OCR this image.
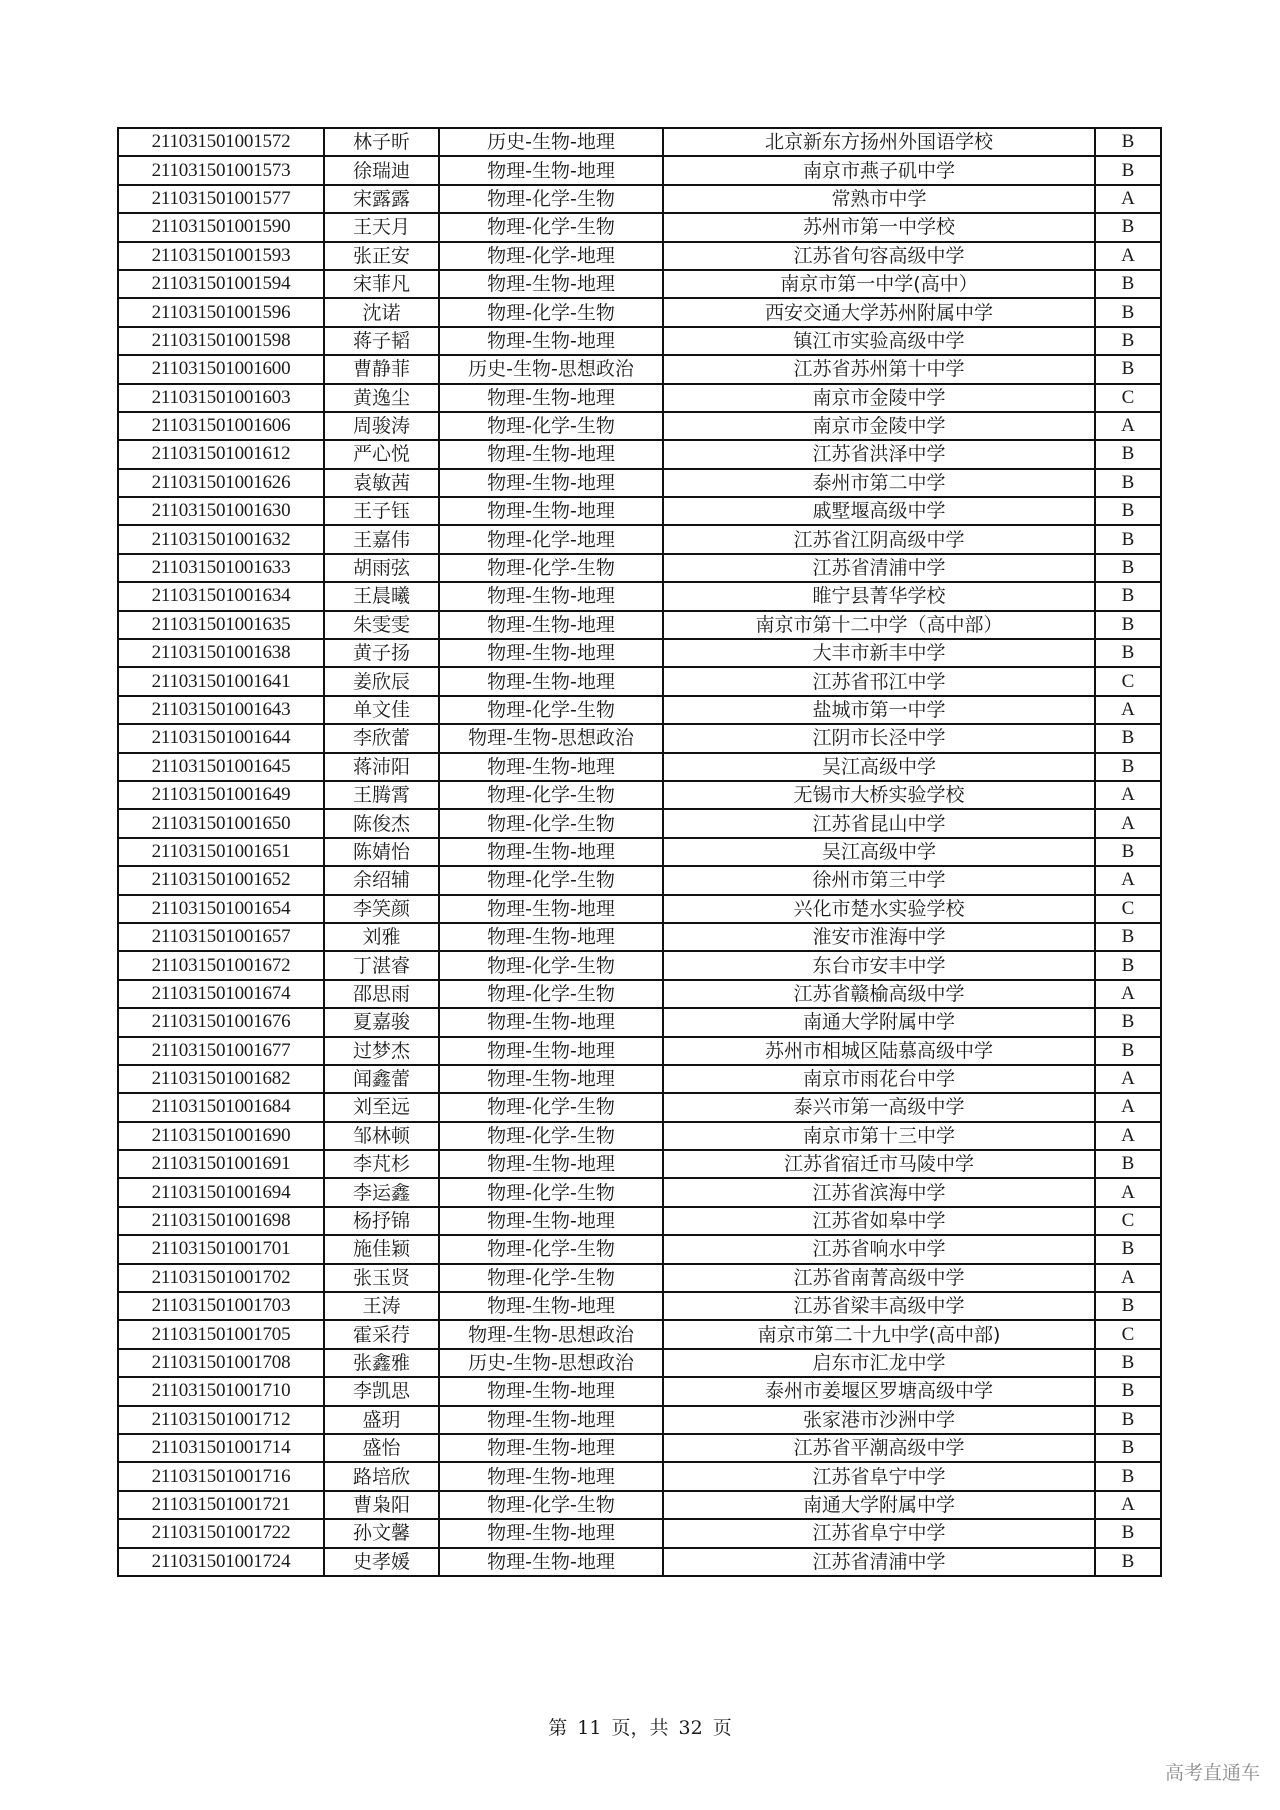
211031501001572	林子昕	历史-生物-地理	北京新东方扬州外国语学校	B
211031501001573	徐瑞迪	物理-生物-地理	南京市燕子矶中学	B
211031501001577	宋露露	物理-化学-生物	常熟市中学	A
211031501001590	王天月	物理-化学-生物	苏州市第一中学校	B
211031501001593	张正安	物理-化学-地理	江苏省句容高级中学	A
211031501001594	宋菲凡	物理-生物-地理	南京市第一中学(高中）	B
211031501001596	沈诺	物理-化学-生物	西安交通大学苏州附属中学	B
211031501001598	蒋子韬	物理-生物-地理	镇江市实验高级中学	B
211031501001600	曹静菲	历史-生物-思想政治	江苏省苏州第十中学	B
211031501001603	黄逸尘	物理-生物-地理	南京市金陵中学	C
211031501001606	周骏涛	物理-化学-生物	南京市金陵中学	A
211031501001612	严心悦	物理-生物-地理	江苏省洪泽中学	B
211031501001626	袁敏茜	物理-生物-地理	泰州市第二中学	B
211031501001630	王子钰	物理-生物-地理	戚墅堰高级中学	B
211031501001632	王嘉伟	物理-化学-地理	江苏省江阴高级中学	B
211031501001633	胡雨弦	物理-化学-生物	江苏省清浦中学	B
211031501001634	王晨曦	物理-生物-地理	睢宁县菁华学校	B
211031501001635	朱雯雯	物理-生物-地理	南京市第十二中学（高中部）	B
211031501001638	黄子扬	物理-生物-地理	大丰市新丰中学	B
211031501001641	姜欣辰	物理-生物-地理	江苏省邗江中学	C
211031501001643	单文佳	物理-化学-生物	盐城市第一中学	A
211031501001644	李欣蕾	物理-生物-思想政治	江阴市长泾中学	B
211031501001645	蒋沛阳	物理-生物-地理	吴江高级中学	B
211031501001649	王腾霄	物理-化学-生物	无锡市大桥实验学校	A
211031501001650	陈俊杰	物理-化学-生物	江苏省昆山中学	A
211031501001651	陈婧怡	物理-生物-地理	吴江高级中学	B
211031501001652	余绍辅	物理-化学-生物	徐州市第三中学	A
211031501001654	李笑颜	物理-生物-地理	兴化市楚水实验学校	C
211031501001657	刘雅	物理-生物-地理	淮安市淮海中学	B
211031501001672	丁湛睿	物理-化学-生物	东台市安丰中学	B
211031501001674	邵思雨	物理-化学-生物	江苏省赣榆高级中学	A
211031501001676	夏嘉骏	物理-生物-地理	南通大学附属中学	B
211031501001677	过梦杰	物理-生物-地理	苏州市相城区陆慕高级中学	B
211031501001682	闻鑫蕾	物理-生物-地理	南京市雨花台中学	A
211031501001684	刘至远	物理-化学-生物	泰兴市第一高级中学	A
211031501001690	邹林顿	物理-化学-生物	南京市第十三中学	A
211031501001691	李芃杉	物理-生物-地理	江苏省宿迁市马陵中学	B
211031501001694	李运鑫	物理-化学-生物	江苏省滨海中学	A
211031501001698	杨抒锦	物理-生物-地理	江苏省如皋中学	C
211031501001701	施佳颖	物理-化学-生物	江苏省响水中学	B
211031501001702	张玉贤	物理-化学-生物	江苏省南菁高级中学	A
211031501001703	王涛	物理-生物-地理	江苏省梁丰高级中学	B
211031501001705	霍采荇	物理-生物-思想政治	南京市第二十九中学(高中部)	C
211031501001708	张鑫雅	历史-生物-思想政治	启东市汇龙中学	B
211031501001710	李凯思	物理-生物-地理	泰州市姜堰区罗塘高级中学	B
211031501001712	盛玥	物理-生物-地理	张家港市沙洲中学	B
211031501001714	盛怡	物理-生物-地理	江苏省平潮高级中学	B
211031501001716	路培欣	物理-生物-地理	江苏省阜宁中学	B
211031501001721	曹枭阳	物理-化学-生物	南通大学附属中学	A
211031501001722	孙文馨	物理-生物-地理	江苏省阜宁中学	B
211031501001724	史孝媛	物理-生物-地理	江苏省清浦中学	B
第 11 页，共 32 页
高考直通车
